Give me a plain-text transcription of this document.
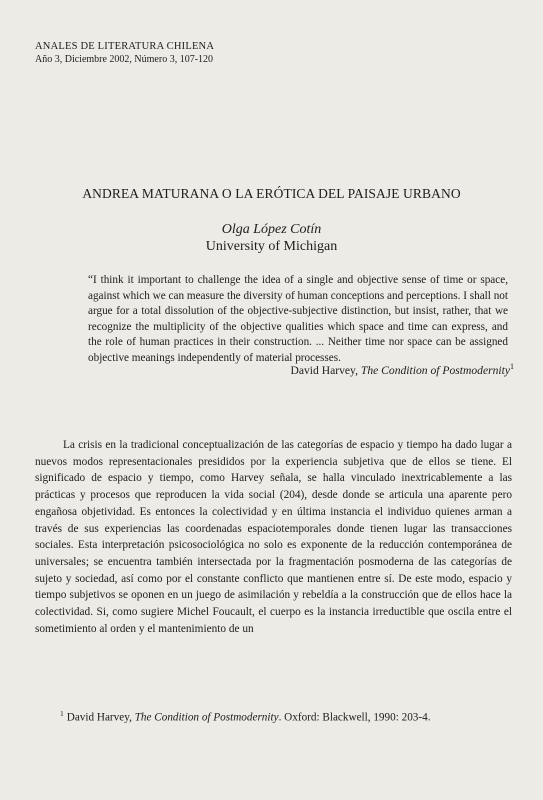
ANALES DE LITERATURA CHILENA
Año 3, Diciembre 2002, Número 3, 107-120
ANDREA MATURANA O LA ERÓTICA DEL PAISAJE URBANO
Olga López Cotín
University of Michigan
“I think it important to challenge the idea of a single and objective sense of time or space, against which we can measure the diversity of human conceptions and perceptions. I shall not argue for a total dissolution of the objective-subjective distinction, but insist, rather, that we recognize the multiplicity of the objective qualities which space and time can express, and the role of human practices in their construction. ... Neither time nor space can be assigned objective meanings independently of material processes.
David Harvey, The Condition of Postmodernity$^1$

La crisis en la tradicional conceptualización de las categorías de espacio y tiempo ha dado lugar a nuevos modos representacionales presididos por la experiencia subjetiva que de ellos se tiene. El significado de espacio y tiempo, como Harvey señala, se halla vinculado inextricablemente a las prácticas y procesos que reproducen la vida social (204), desde donde se articula una aparente pero engañosa objetividad. Es entonces la colectividad y en última instancia el individuo quienes arman a través de sus experiencias las coordenadas espaciotemporales donde tienen lugar las transacciones sociales. Esta interpretación psicosociológica no solo es exponente de la reducción contemporánea de universales; se encuentra también intersectada por la fragmentación posmoderna de las categorías de sujeto y sociedad, así como por el constante conflicto que mantienen entre sí. De este modo, espacio y tiempo subjetivos se oponen en un juego de asimilación y rebeldía a la construcción que de ellos hace la colectividad. Si, como sugiere Michel Foucault, el cuerpo es la instancia irreductible que oscila entre el sometimiento al orden y el mantenimiento de un

$^1$ David Harvey, The Condition of Postmodernity. Oxford: Blackwell, 1990: 203-4.
